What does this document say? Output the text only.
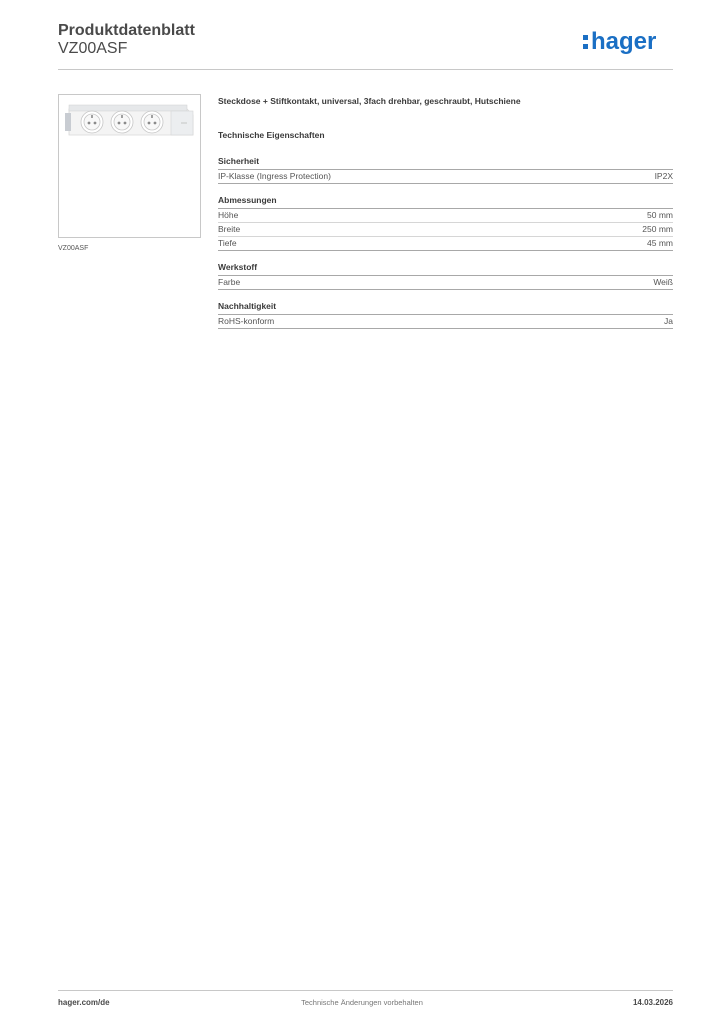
Produktdatenblatt
VZ00ASF	hager
VZ00ASF
Steckdose + Stiftkontakt, universal, 3fach drehbar, geschraubt, Hutschiene
Technische Eigenschaften
Sicherheit
IP-Klasse (Ingress Protection)	IP2X
Abmessungen
Höhe	50 mm
Breite	250 mm
Tiefe	45 mm
Werkstoff
Farbe	Weiß
Nachhaltigkeit
RoHS-konform	Ja
hager.com/de	Technische Änderungen vorbehalten	14.03.2026
